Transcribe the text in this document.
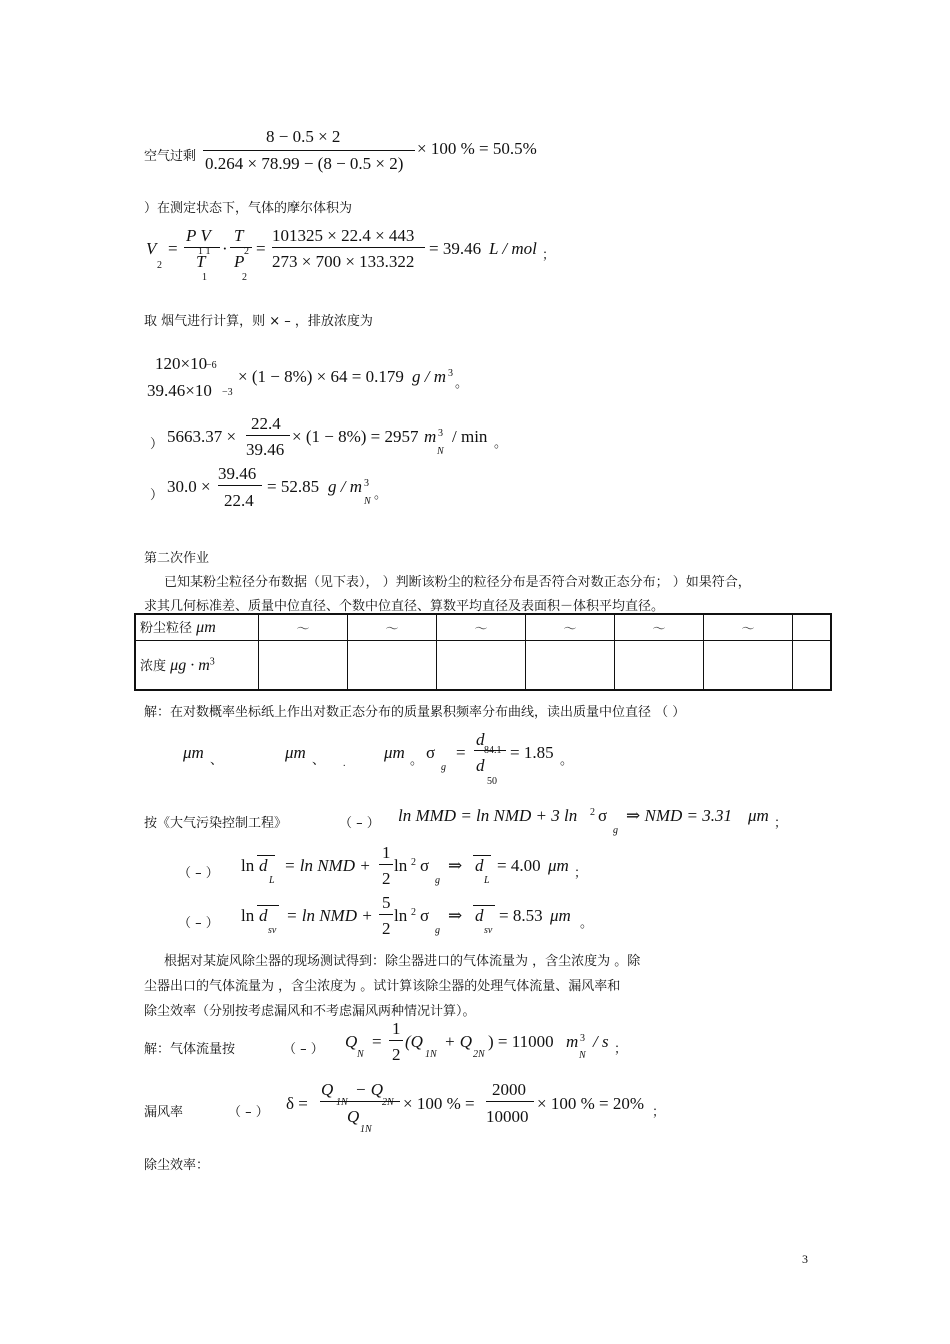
空气过剩
8 − 0.5 × 2
0.264 × 78.99 − (8 − 0.5 × 2)
× 100 % = 50.5%
）在测定状态下，气体的摩尔体积为
V
2
=
P V
1 1
T
1
·
T
2
P
2
=
101325 × 22.4 × 443
273 × 700 × 133.322
= 39.46 L / mol ；
取 烟气进行计算，则 × – ，排放浓度为
120×10
−6
39.46×10 −3
× (1 − 8%) × 64 = 0.179 g / m 3
。
） 5663.37 ×
22.4
39.46
× (1 − 8%) = 2957 m 3
N
/ min 。
） 30.0 ×
39.46
22.4
= 52.85 g / m 3
N 。
第二次作业
已知某粉尘粒径分布数据（见下表）， ）判断该粉尘的粒径分布是否符合对数正态分布； ）如果符合，
求其几何标准差、质量中位直径、个数中位直径、算数平均直径及表面积－体积平均直径。
粉尘粒径 μm	～	～	～	～	～	～	
浓度 $\mu g \cdot m^3$							
解：在对数概率坐标纸上作出对数正态分布的质量累积频率分布曲线，读出质量中位直径 （ ）
μm 、	μm 、 .
μm 。 σ
g
=
d
84.1
d
50
= 1.85 。
按《大气污染控制工程》	（ – ） ln MMD = ln NMD + 3 ln 2 σ
g
⇒ NMD = 3.31 μm ；
（ – ） ln d
L
= ln NMD +
1
2
ln 2 σ
g
⇒ d
L
= 4.00 μm ；
（ – ） ln d
sv
= ln NMD +
5
2
ln 2 σ
g
⇒ d
sv
= 8.53 μm 。
根据对某旋风除尘器的现场测试得到：除尘器进口的气体流量为 ，含尘浓度为 。除
尘器出口的气体流量为 ，含尘浓度为 。试计算该除尘器的处理气体流量、漏风率和
除尘效率（分别按考虑漏风和不考虑漏风两种情况计算）。
解：气体流量按	（ – ） Q
N
=
1
2
(Q
1N
+ Q
2N
) = 11000 m 3
N
/ s ；
漏风率	（ – ） δ =
Q
1N
− Q
2N
Q
1N
× 100 % =
2000
10000
× 100 % = 20% ；
除尘效率：
3
